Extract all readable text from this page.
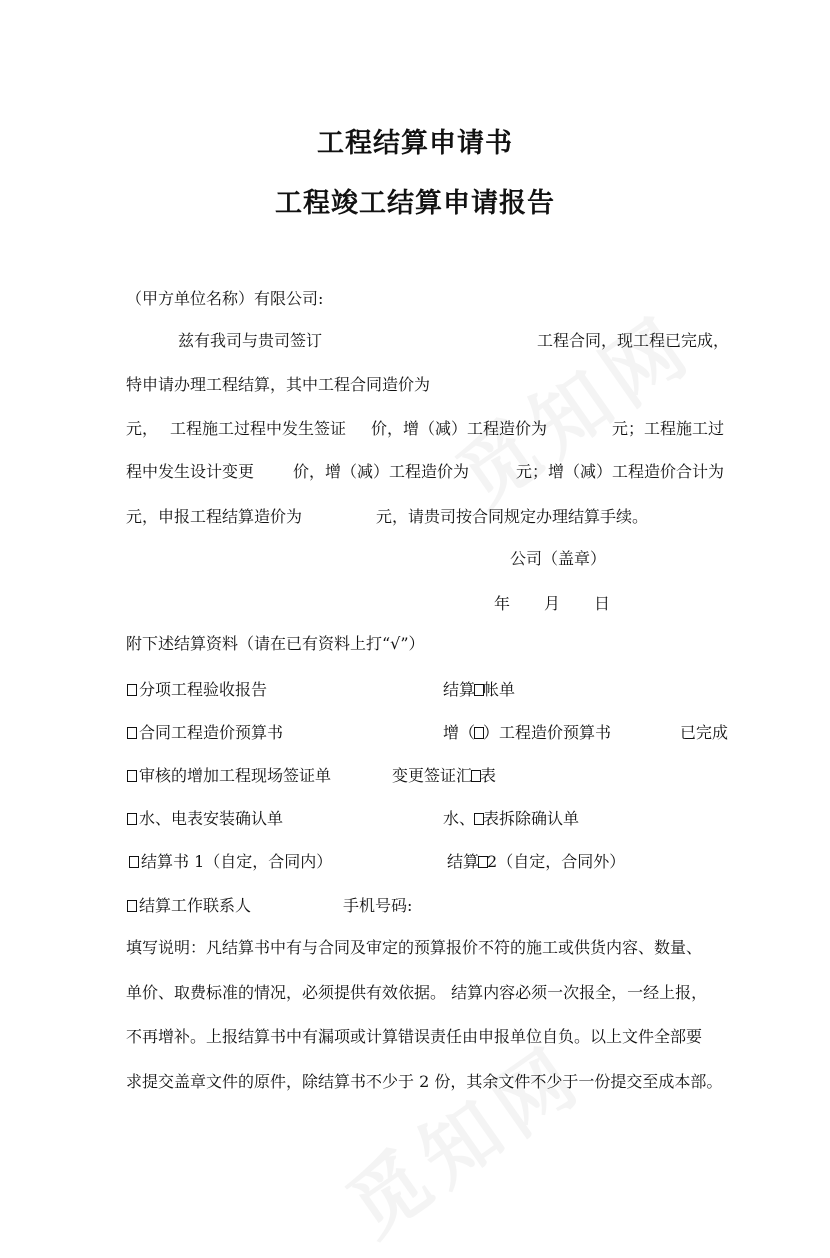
工程结算申请书
工程竣工结算申请报告
（甲方单位名称）有限公司:
兹有我司与贵司签订	工程合同，现工程已完成，
特申请办理工程结算，其中工程合同造价为
元， 工程施工过程中发生签证 价，增（减）工程造价为	元；工程施工过
程中发生设计变更 价，增（减）工程造价为	元；增（减）工程造价合计为
元，申报工程结算造价为	元，请贵司按合同规定办理结算手续。
公司（盖章）
年 月 日
附下述结算资料（请在已有资料上打“√”）
分项工程验收报告	结算 帐单
合同工程造价预算书	增（ ）工程造价预算书	已完成
审核的增加工程现场签证单	变更签证汇 表
水、电表安装确认单	水、 表拆除确认单
结算书 1（自定，合同内）	结算 2（自定，合同外）
结算工作联系人	手机号码:
填写说明：凡结算书中有与合同及审定的预算报价不符的施工或供货内容、数量、
单价、取费标准的情况，必须提供有效依据。 结算内容必须一次报全，一经上报，
不再增补。上报结算书中有漏项或计算错误责任由申报单位自负。以上文件全部要
求提交盖章文件的原件，除结算书不少于 2 份，其余文件不少于一份提交至成本部。
